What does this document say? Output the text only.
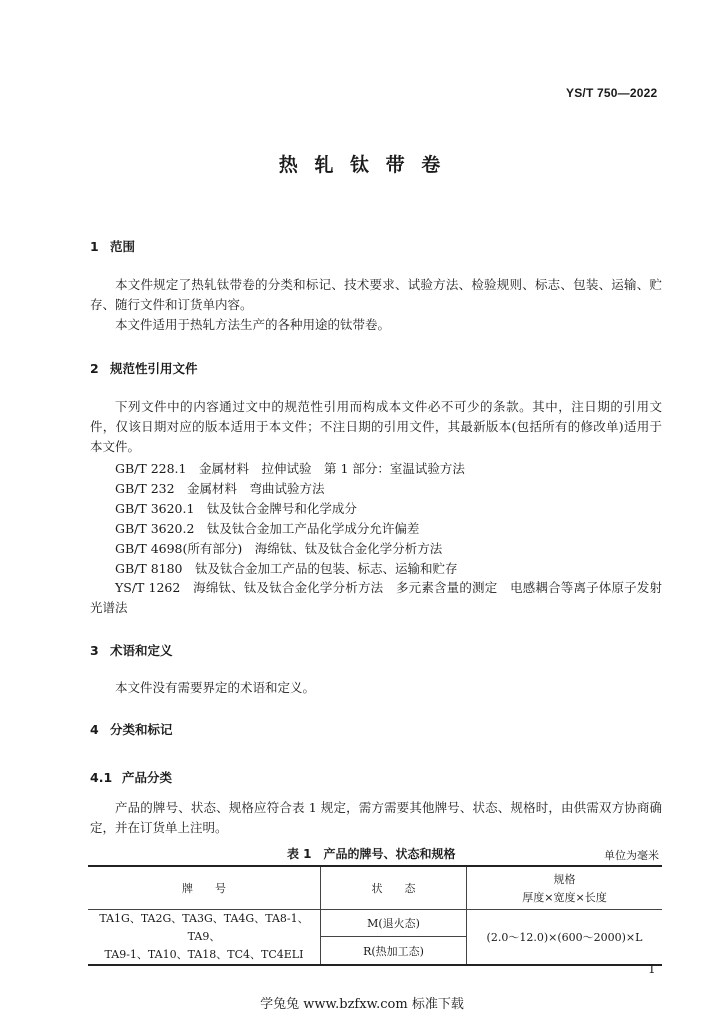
YS/T 750—2022
热 轧 钛 带 卷
1 范围
本文件规定了热轧钛带卷的分类和标记、技术要求、试验方法、检验规则、标志、包装、运输、贮存、随行文件和订货单内容。
本文件适用于热轧方法生产的各种用途的钛带卷。
2 规范性引用文件
下列文件中的内容通过文中的规范性引用而构成本文件必不可少的条款。其中，注日期的引用文件，仅该日期对应的版本适用于本文件；不注日期的引用文件，其最新版本(包括所有的修改单)适用于本文件。
GB/T 228.1　金属材料　拉伸试验　第 1 部分：室温试验方法
GB/T 232　金属材料　弯曲试验方法
GB/T 3620.1　钛及钛合金牌号和化学成分
GB/T 3620.2　钛及钛合金加工产品化学成分允许偏差
GB/T 4698(所有部分)　海绵钛、钛及钛合金化学分析方法
GB/T 8180　钛及钛合金加工产品的包装、标志、运输和贮存
YS/T 1262　海绵钛、钛及钛合金化学分析方法　多元素含量的测定　电感耦合等离子体原子发射光谱法
3 术语和定义
本文件没有需要界定的术语和定义。
4 分类和标记
4.1 产品分类
产品的牌号、状态、规格应符合表 1 规定，需方需要其他牌号、状态、规格时，由供需双方协商确定，并在订货单上注明。
表 1　产品的牌号、状态和规格	单位为毫米
牌　　号	状　　态	规格
厚度×宽度×长度

TA1G、TA2G、TA3G、TA4G、TA8-1、TA9、
TA9-1、TA10、TA18、TC4、TC4ELI	M(退火态)	(2.0～12.0)×(600～2000)×L
	R(热加工态)	
1
学兔兔 www.bzfxw.com 标准下载
